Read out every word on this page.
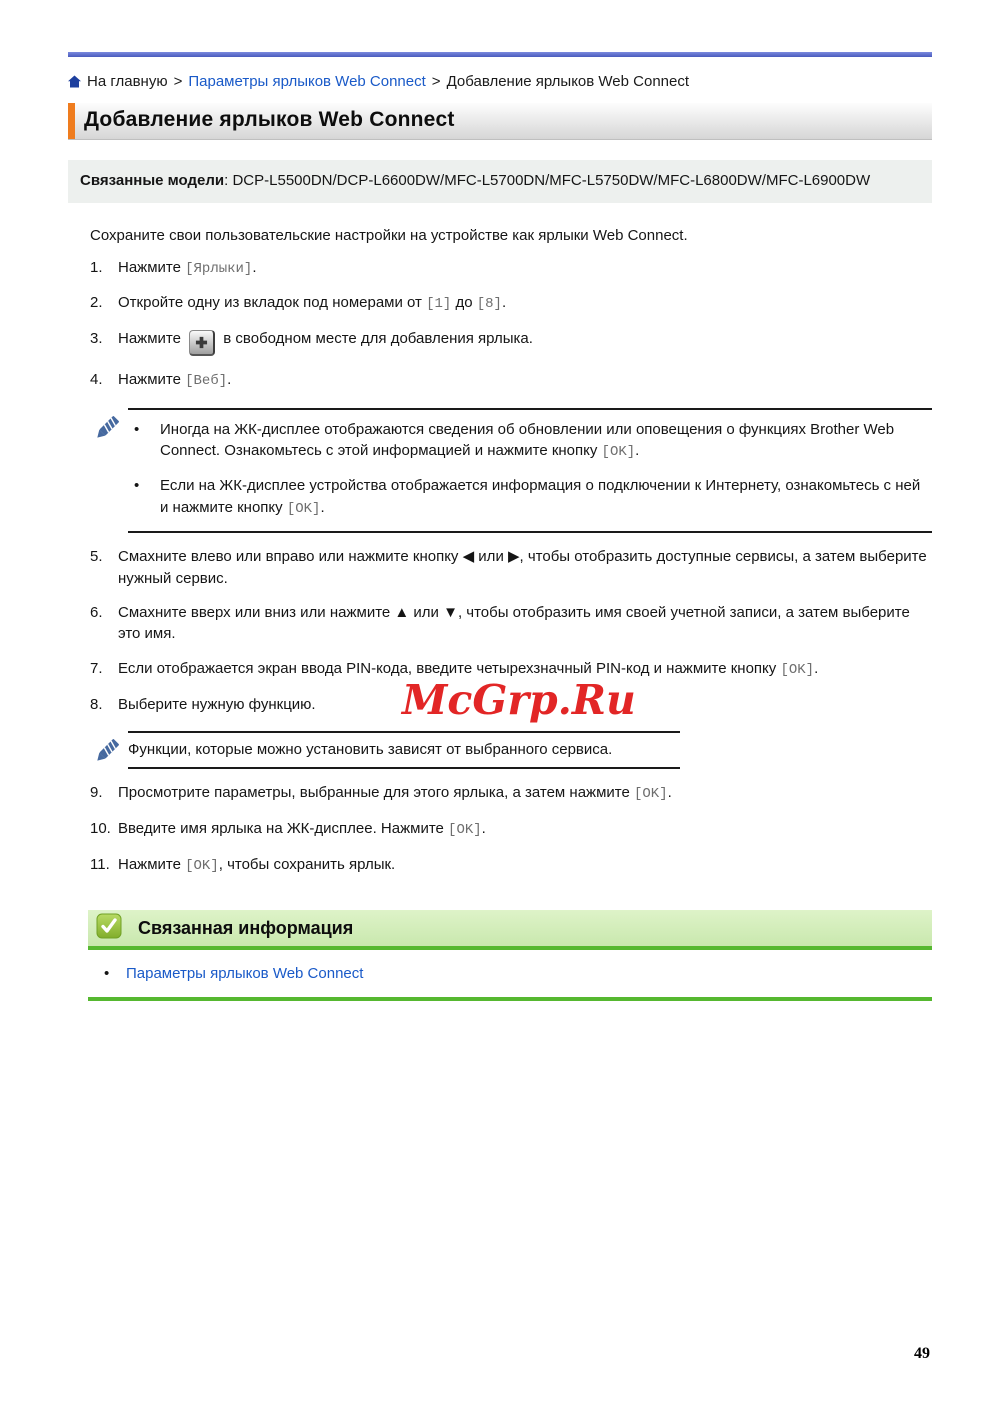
На главную > Параметры ярлыков Web Connect > Добавление ярлыков Web Connect
Добавление ярлыков Web Connect
Связанные модели: DCP-L5500DN/DCP-L6600DW/MFC-L5700DN/MFC-L5750DW/MFC-L6800DW/MFC-L6900DW

Сохраните свои пользовательские настройки на устройстве как ярлыки Web Connect.

1.	Нажмите [Ярлыки].
2.	Откройте одну из вкладок под номерами от [1] до [8].
3.	Нажмите
в свободном месте для добавления ярлыка.
4.	Нажмите [Веб].
•	Иногда на ЖК-дисплее отображаются сведения об обновлении или оповещения о функциях Brother Web Connect. Ознакомьтесь с этой информацией и нажмите кнопку [OK].
•	Если на ЖК-дисплее устройства отображается информация о подключении к Интернету, ознакомьтесь с ней и нажмите кнопку [OK].
5.	Смахните влево или вправо или нажмите кнопку ◀ или ▶, чтобы отобразить доступные сервисы, а затем выберите нужный сервис.
6.	Смахните вверх или вниз или нажмите ▲ или ▼, чтобы отобразить имя своей учетной записи, а затем выберите это имя.
7.	Если отображается экран ввода PIN-кода, введите четырехзначный PIN-код и нажмите кнопку [OK].
8.	Выберите нужную функцию.

Функции, которые можно установить зависят от выбранного сервиса.

9.	Просмотрите параметры, выбранные для этого ярлыка, а затем нажмите [OK].
10. Введите имя ярлыка на ЖК-дисплее. Нажмите [OK].
11. Нажмите [OK], чтобы сохранить ярлык.
Связанная информация
•	Параметры ярлыков Web Connect
McGrp.Ru
49
